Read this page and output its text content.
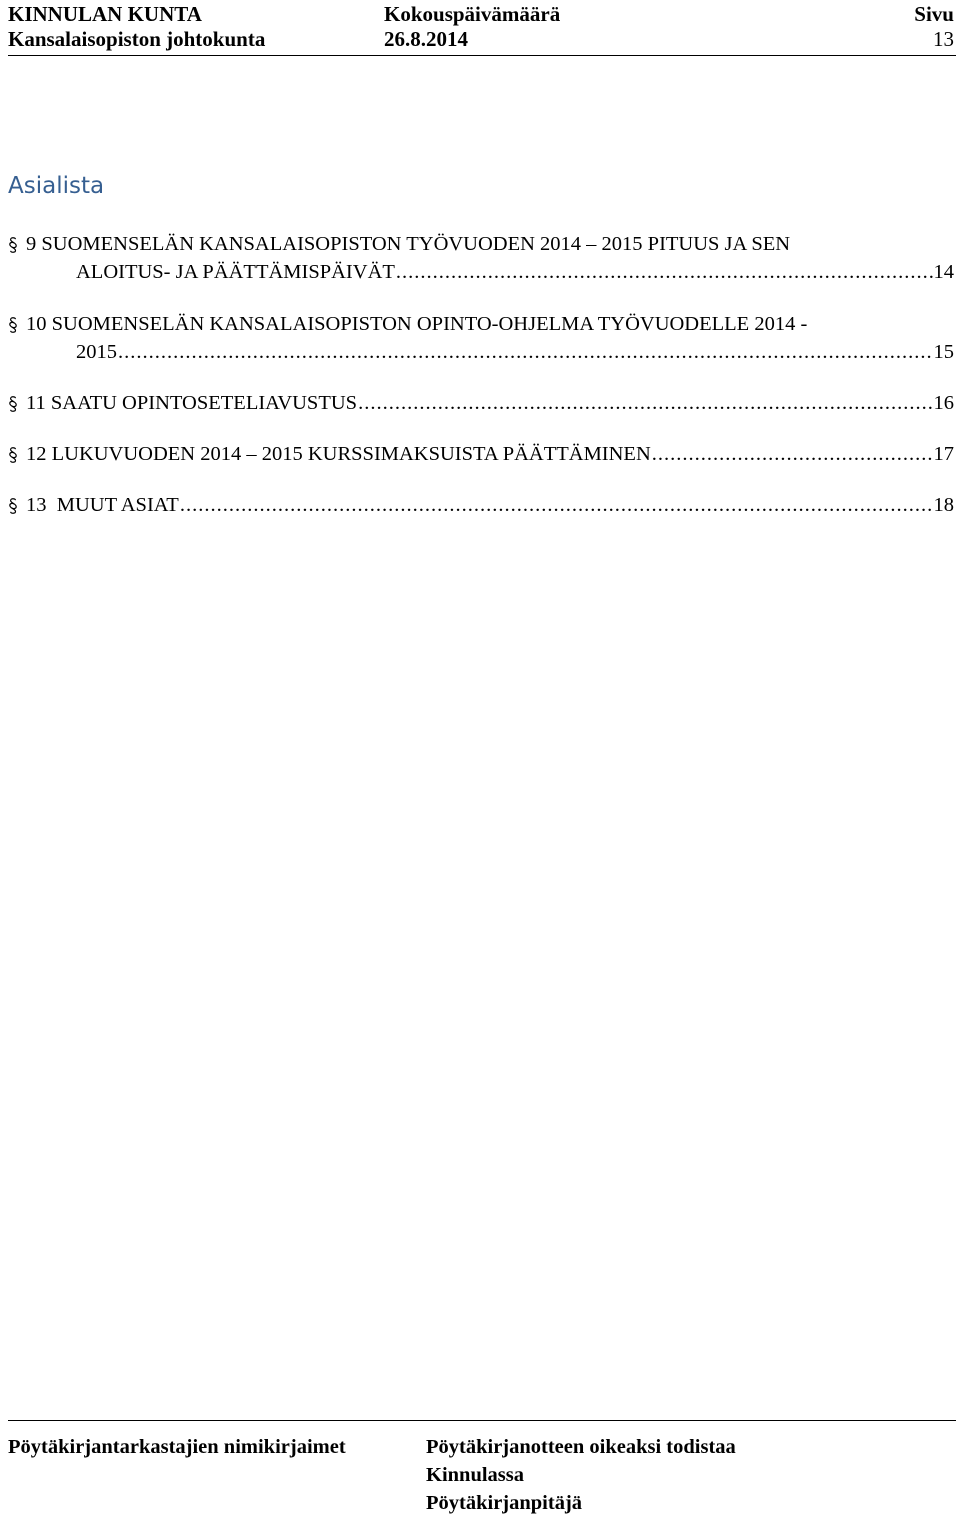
KINNULAN KUNTA	Kokouspäivämäärä	Sivu
Kansalaisopiston johtokunta	26.8.2014	13
Asialista
9 SUOMENSELÄN KANSALAISOPISTON TYÖVUODEN 2014 – 2015 PITUUS JA SEN
ALOITUS- JA PÄÄTTÄMISPÄIVÄT .....	14
10 SUOMENSELÄN KANSALAISOPISTON OPINTO-OHJELMA TYÖVUODELLE 2014 -
2015 .....	15
11 SAATU OPINTOSETELIAVUSTUS .....	16
12 LUKUVUODEN 2014 – 2015 KURSSIMAKSUISTA PÄÄTTÄMINEN .....	17
13  MUUT ASIAT .....	18
Pöytäkirjantarkastajien nimikirjaimet	Pöytäkirjanotteen oikeaksi todistaa
Kinnulassa
Pöytäkirjanpitäjä
